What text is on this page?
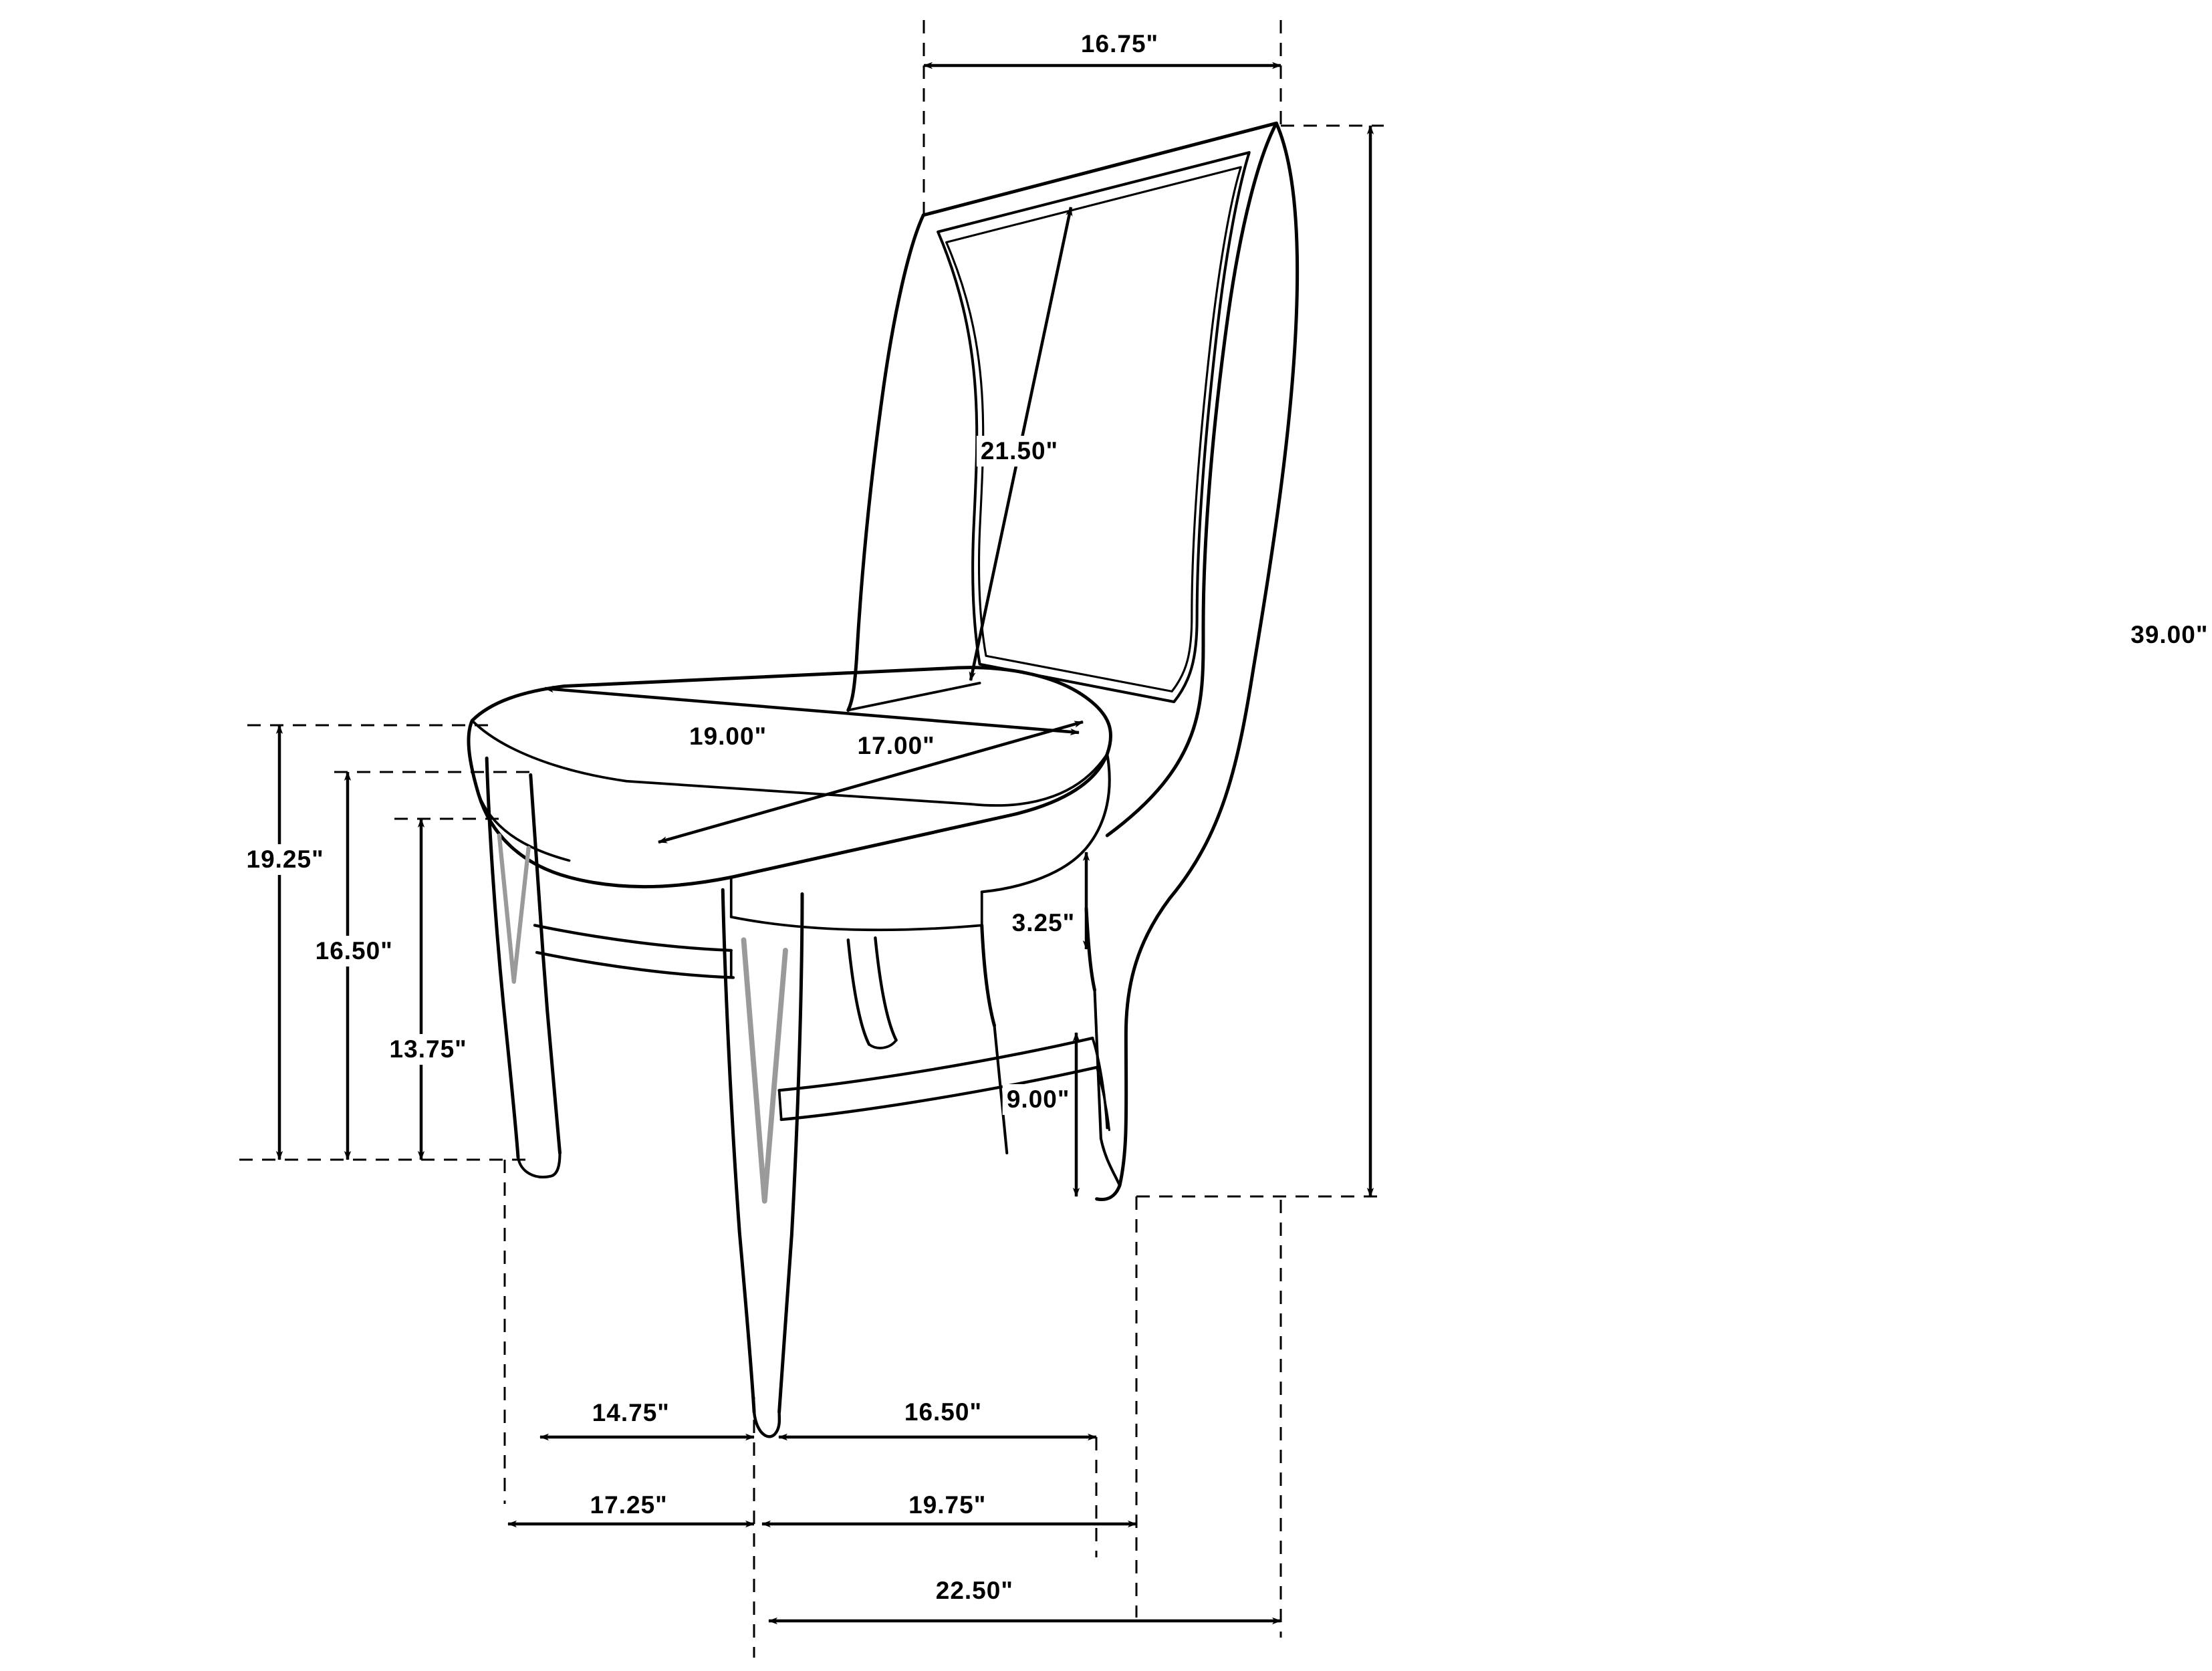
16.75"
39.00"
21.50"
19.00"	17.00"
19.25"
16.50"
13.75"
3.25"
9.00"
14.75"	16.50"
17.25"	19.75"
22.50"
